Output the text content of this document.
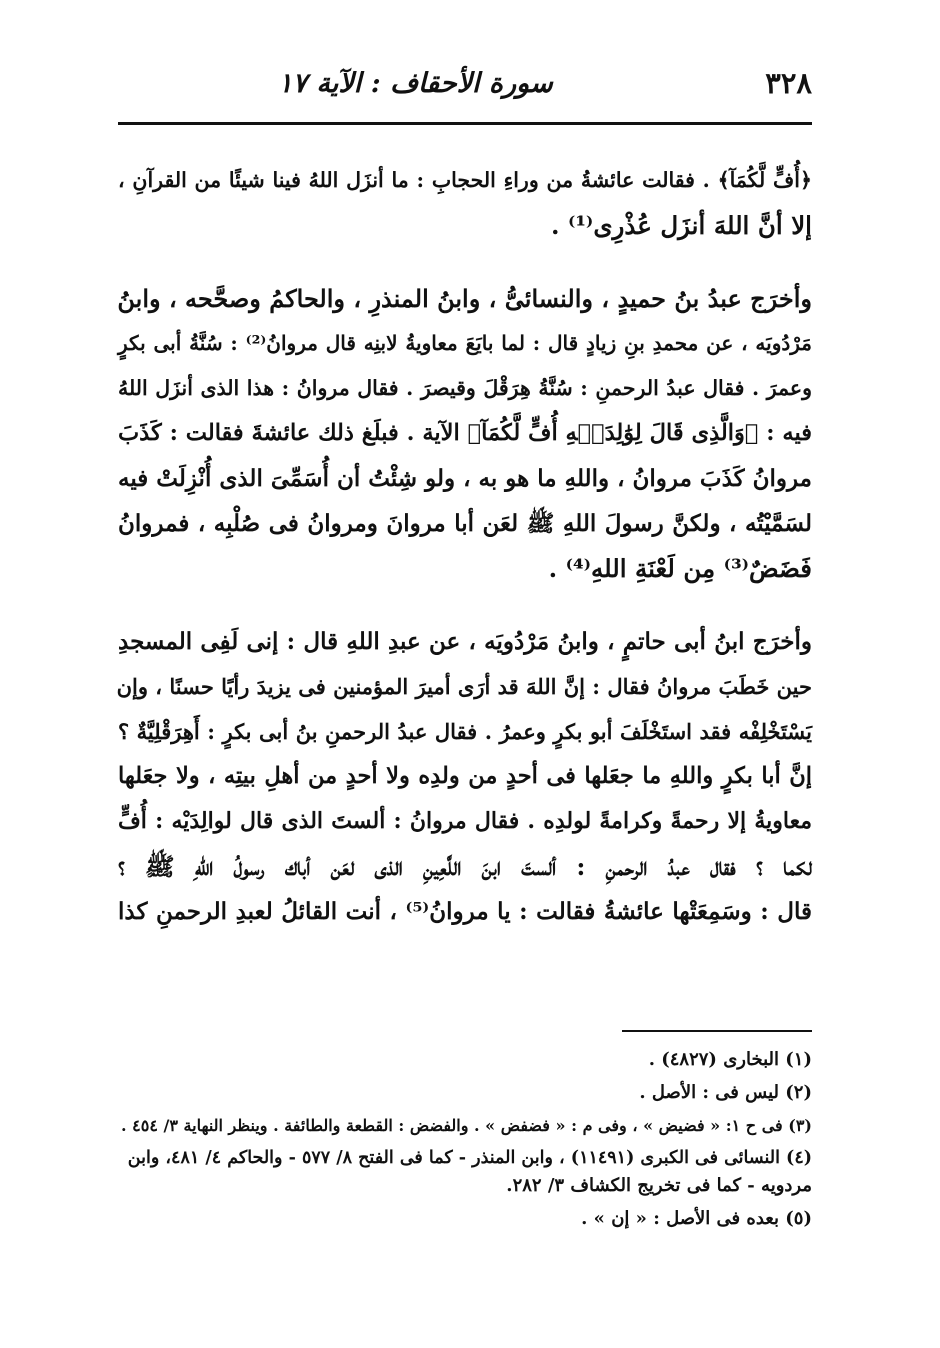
٣٢٨
سورة الأحقاف : الآية ١٧

﴿أُفٍّ لَّكُمَآ﴾ . فقالت عائشةُ من وراءِ الحجابِ : ما أنزَل اللهُ فينا شيئًا من القرآنِ ،
إلا أنَّ اللهَ أنزَل عُذْرِى⁽¹⁾ .

وأخرَج عبدُ بنُ حميدٍ ، والنسائىُّ ، وابنُ المنذرِ ، والحاكمُ وصحَّحه ، وابنُ
مَرْدُويَه ، عن محمدِ بنِ زيادٍ قال : لما بايَعَ معاويةُ لابنِه قال مروانُ⁽²⁾ : سُنَّةُ أبى بكرٍ
وعمرَ . فقال عبدُ الرحمنِ : سُنَّةُ هِرَقْلَ وقيصرَ . فقال مروانُ : هذا الذى أنزَل اللهُ
فيه : ﴿وَالَّذِى قَالَ لِوَٰلِدَيۡهِ أُفٍّ لَّكُمَآ﴾ الآية . فبلَغ ذلك عائشةَ فقالت : كَذَبَ
مروانُ كَذَبَ مروانُ ، واللهِ ما هو به ، ولو شِئْتُ أن أُسَمِّىَ الذى أُنْزِلَتْ فيه
لسَمَّيْتُه ، ولكنَّ رسولَ اللهِ ﷺ لعَن أبا مروانَ ومروانُ فى صُلْبِه ، فمروانُ
فَضَضٌ⁽³⁾ مِن لَعْنَةِ اللهِ⁽⁴⁾ .

وأخرَج ابنُ أبى حاتمٍ ، وابنُ مَرْدُويَه ، عن عبدِ اللهِ قال : إنى لَفِى المسجدِ
حين خَطَبَ مروانُ فقال : إنَّ اللهَ قد أرَى أميرَ المؤمنين فى يزيدَ رأيًا حسنًا ، وإن
يَسْتَخْلِفْه فقد استَخْلَفَ أبو بكرٍ وعمرُ . فقال عبدُ الرحمنِ بنُ أبى بكرٍ : أَهِرَقْلِيَّةٌ ؟
إنَّ أبا بكرٍ واللهِ ما جعَلها فى أحدٍ من ولدِه ولا أحدٍ من أهلِ بيتِه ، ولا جعَلها
معاويةُ إلا رحمةً وكرامةً لولدِه . فقال مروانُ : ألستَ الذى قال لوالِدَيْه : أُفٍّ
لكما ؟ فقال عبدُ الرحمنِ : ألستَ ابنَ اللَّعِينِ الذى لعَن أباك رسولُ اللهِ ﷺ ؟
قال : وسَمِعَتْها عائشةُ فقالت : يا مروانُ⁽⁵⁾ ، أنت القائلُ لعبدِ الرحمنِ كذا

(١) البخارى (٤٨٢٧) .
(٢) ليس فى : الأصل .
(٣) فى ح ١: « فضيض » ، وفى م : « فضفض » . والفضض : القطعة والطائفة . وينظر النهاية ٣/ ٤٥٤ .
(٤) النسائى فى الكبرى (١١٤٩١) ، وابن المنذر - كما فى الفتح ٨/ ٥٧٧ - والحاكم ٤/ ٤٨١، وابن
مردويه - كما فى تخريج الكشاف ٣/ ٢٨٢.
(٥) بعده فى الأصل : « إن » .
